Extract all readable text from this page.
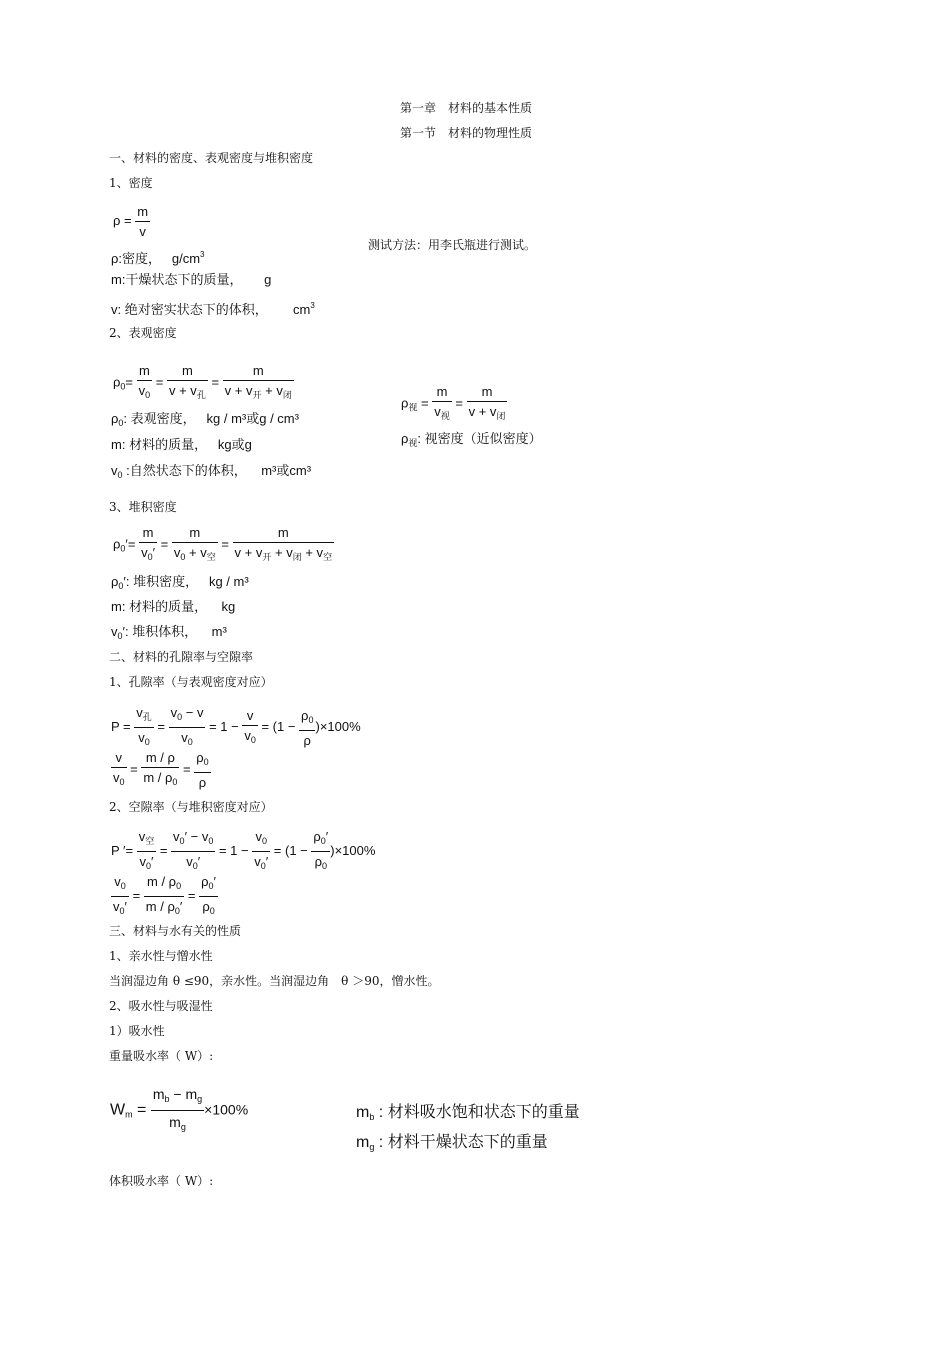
第一章　材料的基本性质
第一节　材料的物理性质
一、材料的密度、表观密度与堆积密度
1、密度
$\rho = \frac{m}{v}$
ρ:密度， $g/cm^3$
m:干燥状态下的质量， g
v: 绝对密实状态下的体积， $cm^3$
测试方法：用李氏瓶进行测试。
2、表观密度
$\rho_0= \frac{m}{v_0}$ =
m
$v + v_孔$
=
m
$v + v_开 + v_闭$
$\rho_0$: 表观密度， kg / m³或g / cm³
m: 材料的质量， kg或g
$v_0$ :自然状态下的体积， m³或cm³
$\rho_视$ =
m
$v_视$
=
m
$v + v_闭$
$\rho_视$: 视密度（近似密度）
3、堆积密度
$\rho_0'= \frac{m}{v_0'}$ =
m
$v_0 + v_空$
=
m
$v + v_开 + v_闭 + v_空$
$\rho_0'$: 堆积密度， kg / m³
m: 材料的质量， kg
$v_0'$: 堆积体积， m³
二、材料的孔隙率与空隙率
1、孔隙率（与表观密度对应）
P =
$v_孔$
$v_0$
= $\frac{v_0 - v}{v_0} = 1 - \frac{v}{v_0} = (1 - \frac{\rho_0}{\rho} )\times 100\%$
$\frac{v}{v_0} = \frac{m / \rho}{m / \rho_0} = \frac{\rho_0}{\rho}$
2、空隙率（与堆积密度对应）
P ′=
$v_空$
$v_0'$
= $\frac{v_0' - v_0}{v_0'} = 1 - \frac{v_0}{v_0'} = (1 - \frac{\rho_0'}{\rho_0} )\times 100\%$
$\frac{v_0}{v_0'} = \frac{m / \rho_0}{m / \rho_0'} = \frac{\rho_0'}{\rho_0}$
三、材料与水有关的性质
1、亲水性与憎水性
当润湿边角 θ ≤90，亲水性。当润湿边角　θ ＞90，憎水性。
2、吸水性与吸湿性
1）吸水性
重量吸水率（ W）:
$W_m = \frac{m_b - m_g}{m_g} \times 100\%$	$m_b$ : 材料吸水饱和状态下的重量
$m_g$ : 材料干燥状态下的重量
体积吸水率（ W）:
